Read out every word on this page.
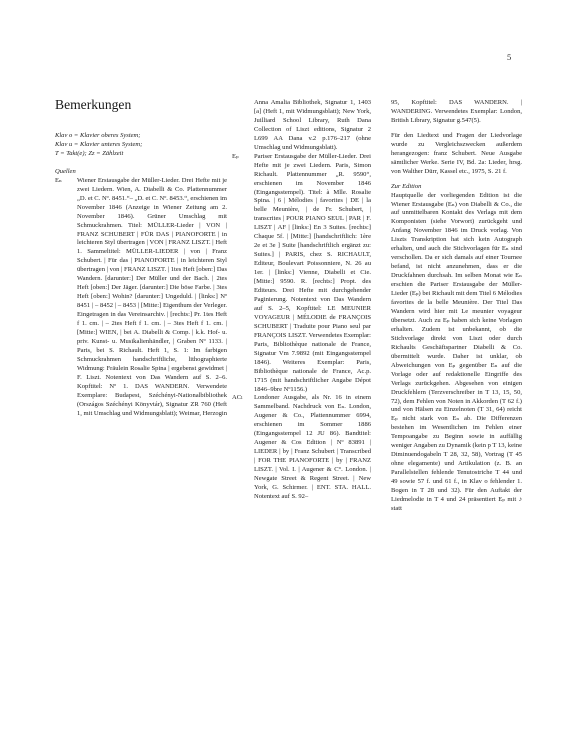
5
Bemerkungen

Klav o = Klavier oberes System;

Klav u = Klavier unteres System;

T = Takt(e); Zz = Zählzeit

Quellen

Eₙ Wiener Erstausgabe der Müller-Lieder. Drei Hefte mit je zwei Liedern. Wien, A. Diabelli & Co. Plattennummer „D. et C. Nº. 8451.“– „D. et C. Nº. 8453.“, erschienen im November 1846 (Anzeige in Wiener Zeitung am 2. November 1846). Grüner Umschlag mit Schmuckrahmen. Titel: MÜLLER-Lieder | VON | FRANZ SCHUBERT | FÜR DAS | PIANOFORTE | in leichteren Styl übertragen | VON | FRANZ LISZT. | Heft 1. Sammeltitel: MÜLLER-LIEDER | von | Franz Schubert. | Für das | PIANOFORTE | in leichteren Styl übertragen | von | FRANZ LISZT. | 1tes Heft [oben:] Das Wandern. [darunter:] Der Müller und der Bach. | 2tes Heft [oben:] Der Jäger. [darunter:] Die böse Farbe. | 3tes Heft [oben:] Wohin? [darunter:] Ungeduld. | [links:] Nº 8451 | – 8452 | – 8453 | [Mitte:] Eigenthum der Verleger. Eingetragen in das Vereinsarchiv. | [rechts:] Pr. 1tes Heft f 1. cm. | – 2tes Heft f 1. cm. | – 3tes Heft f 1. cm. | [Mitte:] WIEN, | bei A. Diabelli & Comp. | k.k. Hof- u. priv. Kunst- u. Musikalienhändler, | Graben Nº 1133. | Paris, bei S. Richault. Heft 1, S. 1: Im farbigen Schmuckrahmen handschriftliche, lithographierte Widmung: Fräulein Rosalie Spina | ergebenst gewidmet | F. Liszt. Notentext von Das Wandern auf S. 2–6. Kopftitel: Nº 1. DAS WANDERN. Verwendete Exemplare: Budapest, Széchényi-Nationalbibliothek (Országos Széchényi Könyvtár), Signatur ZR 760 (Heft 1, mit Umschlag und Widmungsblatt); Weimar, Herzogin

Anna Amalia Bibliothek, Signatur 1, 1403 [a] (Heft 1, mit Widmungsblatt); New York, Juilliard School Library, Ruth Dana Collection of Liszt editions, Signatur 2 L699 AA Dana v.2 p.176–217 (ohne Umschlag und Widmungsblatt).

Eₚ Pariser Erstausgabe der Müller-Lieder. Drei Hefte mit je zwei Liedern. Paris, Simon Richault. Plattennummer „R. 9590“, erschienen im November 1846 (Eingangsstempel). Titel: à Mlle. Rosalie Spina. | 6 | Mélodies | favorites | DE | la belle Meunière, | de Fr. Schubert, | transcrites | POUR PIANO SEUL | PAR | F. LISZT | AF | [links:] En 3 Suites. [rechts:] Chaque 5f. | [Mitte:] [handschriftlich: 1ère 2e et 3e ] Suite [handschriftlich ergänzt zu: Suites.] | PARIS, chez S. RICHAULT, Editeur, Boulevart Poissonniere, N. 26 au 1er. | [links:] Vienne, Diabelli et Cie. [Mitte:] 9590. R. [rechts:] Propt. des Editeurs. Drei Hefte mit durchgehender Paginierung. Notentext von Das Wandern auf S. 2–5, Kopftitel: LE MEUNIER VOYAGEUR | MÉLODIE de FRANÇOIS SCHUBERT | Traduite pour Piano seul par FRANÇOIS LISZT. Verwendetes Exemplar: Paris, Bibliothèque nationale de France, Signatur Vm 7.9892 (mit Eingangsstempel 1846). Weiteres Exemplar: Paris, Bibliothèque nationale de France, Ac.p. 1715 (mit handschriftlicher Angabe Dépot 1846–9bre Nº1156.)

ACₗ Londoner Ausgabe, als Nr. 16 in einem Sammelband. Nachdruck von Eₙ. London, Augener & Co., Plattennummer 6994, erschienen im Sommer 1886 (Eingangsstempel 12 JU 86). Bandtitel: Augener & Cos Edition | Nº 83891 | LIEDER | by | Franz Schubert | Transcribed | FOR THE PIANOFORTE | by | FRANZ LISZT. | Vol. I. | Augener & C°. London. | Newgate Street & Regent Street. | New York, G. Schirmer. | ENT. STA. HALL. Notentext auf S. 92–

95, Kopftitel: DAS WANDERN. | WANDERING. Verwendetes Exemplar: London, British Library, Signatur g.547(5).

Für den Liedtext und Fragen der Liedvorlage wurde zu Vergleichszwecken außerdem herangezogen: franz Schubert. Neue Ausgabe sämtlicher Werke. Serie IV, Bd. 2a: Lieder, hrsg. von Walther Dürr, Kassel etc., 1975, S. 21 f.

Zur Edition

Hauptquelle der vorliegenden Edition ist die Wiener Erstausgabe (Eₙ) von Diabelli & Co., die auf unmittelbaren Kontakt des Verlags mit dem Komponisten (siehe Vorwort) zurückgeht und Anfang November 1846 im Druck vorlag. Von Liszts Transkription hat sich kein Autograph erhalten, und auch die Stichvorlagen für Eₙ sind verschollen. Da er sich damals auf einer Tournee befand, ist nicht anzunehmen, dass er die Druckfahnen durchsah. Im selben Monat wie Eₙ erschien die Pariser Erstausgabe der Müller-Lieder (Eₚ) bei Richault mit dem Titel 6 Mélodies favorites de la belle Meunière. Der Titel Das Wandern wird hier mit Le meunier voyageur übersetzt. Auch zu Eₚ haben sich keine Vorlagen erhalten. Zudem ist unbekannt, ob die Stichvorlage direkt von Liszt oder durch Richaults Geschäftspartner Diabelli & Co. übermittelt wurde. Daher ist unklar, ob Abweichungen von Eₚ gegenüber Eₙ auf die Vorlage oder auf redaktionelle Eingriffe des Verlags zurückgehen. Abgesehen von einigen Druckfehlern (Terzverschreiber in T 13, 15, 50, 72), dem Fehlen von Noten in Akkorden (T 62 f.) und von Hälsen zu Einzelnoten (T 31, 64) reicht Eₚ nicht stark von Eₙ ab. Die Differenzen bestehen im Wesentlichen im Fehlen einer Tempoangabe zu Beginn sowie in auffällig weniger Angaben zu Dynamik (kein p T 13, keine Diminuendogabeln T 28, 32, 58), Vortrag (T 45 ohne elegamente) und Artikulation (z. B. an Parallelstellen fehlende Tenutostriche T 44 und 49 sowie 57 f. und 61 f., in Klav o fehlender 1. Bogen in T 28 und 32). Für den Auftakt der Liedmelodie in T 4 und 24 präsentiert Eₚ mit ♪ statt
